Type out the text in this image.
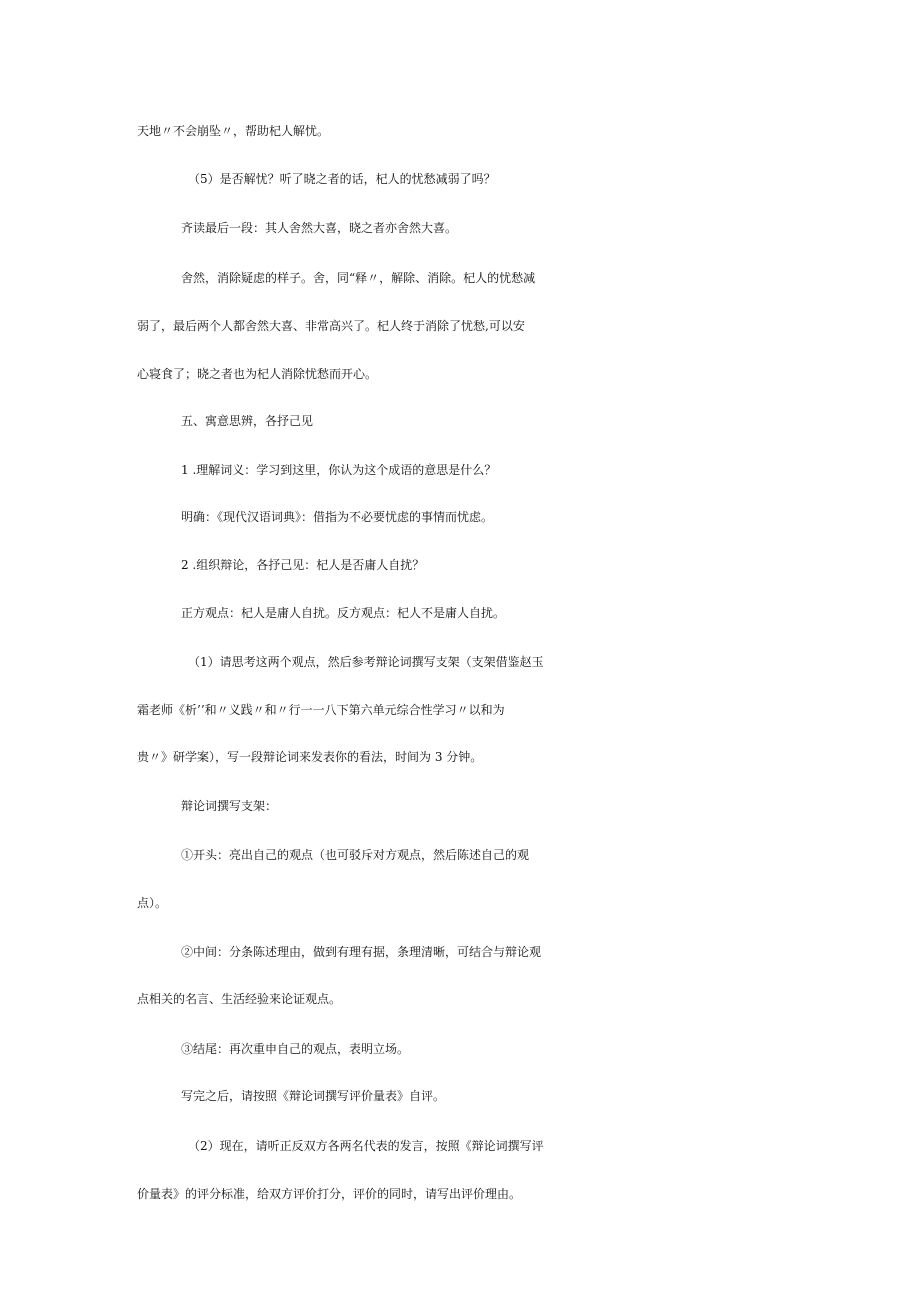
天地〃不会崩坠〃，帮助杞人解忧。
（5）是否解忧？听了晓之者的话，杞人的忧愁减弱了吗？
齐读最后一段：其人舍然大喜，晓之者亦舍然大喜。
舍然，消除疑虑的样子。舍，同“释〃，解除、消除。杞人的忧愁减
弱了，最后两个人都舍然大喜、非常高兴了。杞人终于消除了忧愁,可以安
心寝食了；晓之者也为杞人消除忧愁而开心。
五、寓意思辨，各抒己见
1 .理解词义：学习到这里，你认为这个成语的意思是什么？
明确：《现代汉语词典》：借指为不必要忧虑的事情而忧虑。
2 .组织辩论，各抒己见：杞人是否庸人自扰？
正方观点：杞人是庸人自扰。反方观点：杞人不是庸人自扰。
（1）请思考这两个观点，然后参考辩论词撰写支架（支架借鉴赵玉
霜老师《析’’和〃义践〃和〃行一一八下第六单元综合性学习〃以和为
贵〃》研学案），写一段辩论词来发表你的看法，时间为 3 分钟。
辩论词撰写支架：
①开头：亮出自己的观点（也可驳斥对方观点，然后陈述自己的观
点）。
②中间：分条陈述理由，做到有理有据，条理清晰，可结合与辩论观
点相关的名言、生活经验来论证观点。
③结尾：再次重申自己的观点，表明立场。
写完之后，请按照《辩论词撰写评价量表》自评。
（2）现在，请听正反双方各两名代表的发言，按照《辩论词撰写评
价量表》的评分标准，给双方评价打分，评价的同时，请写出评价理由。
